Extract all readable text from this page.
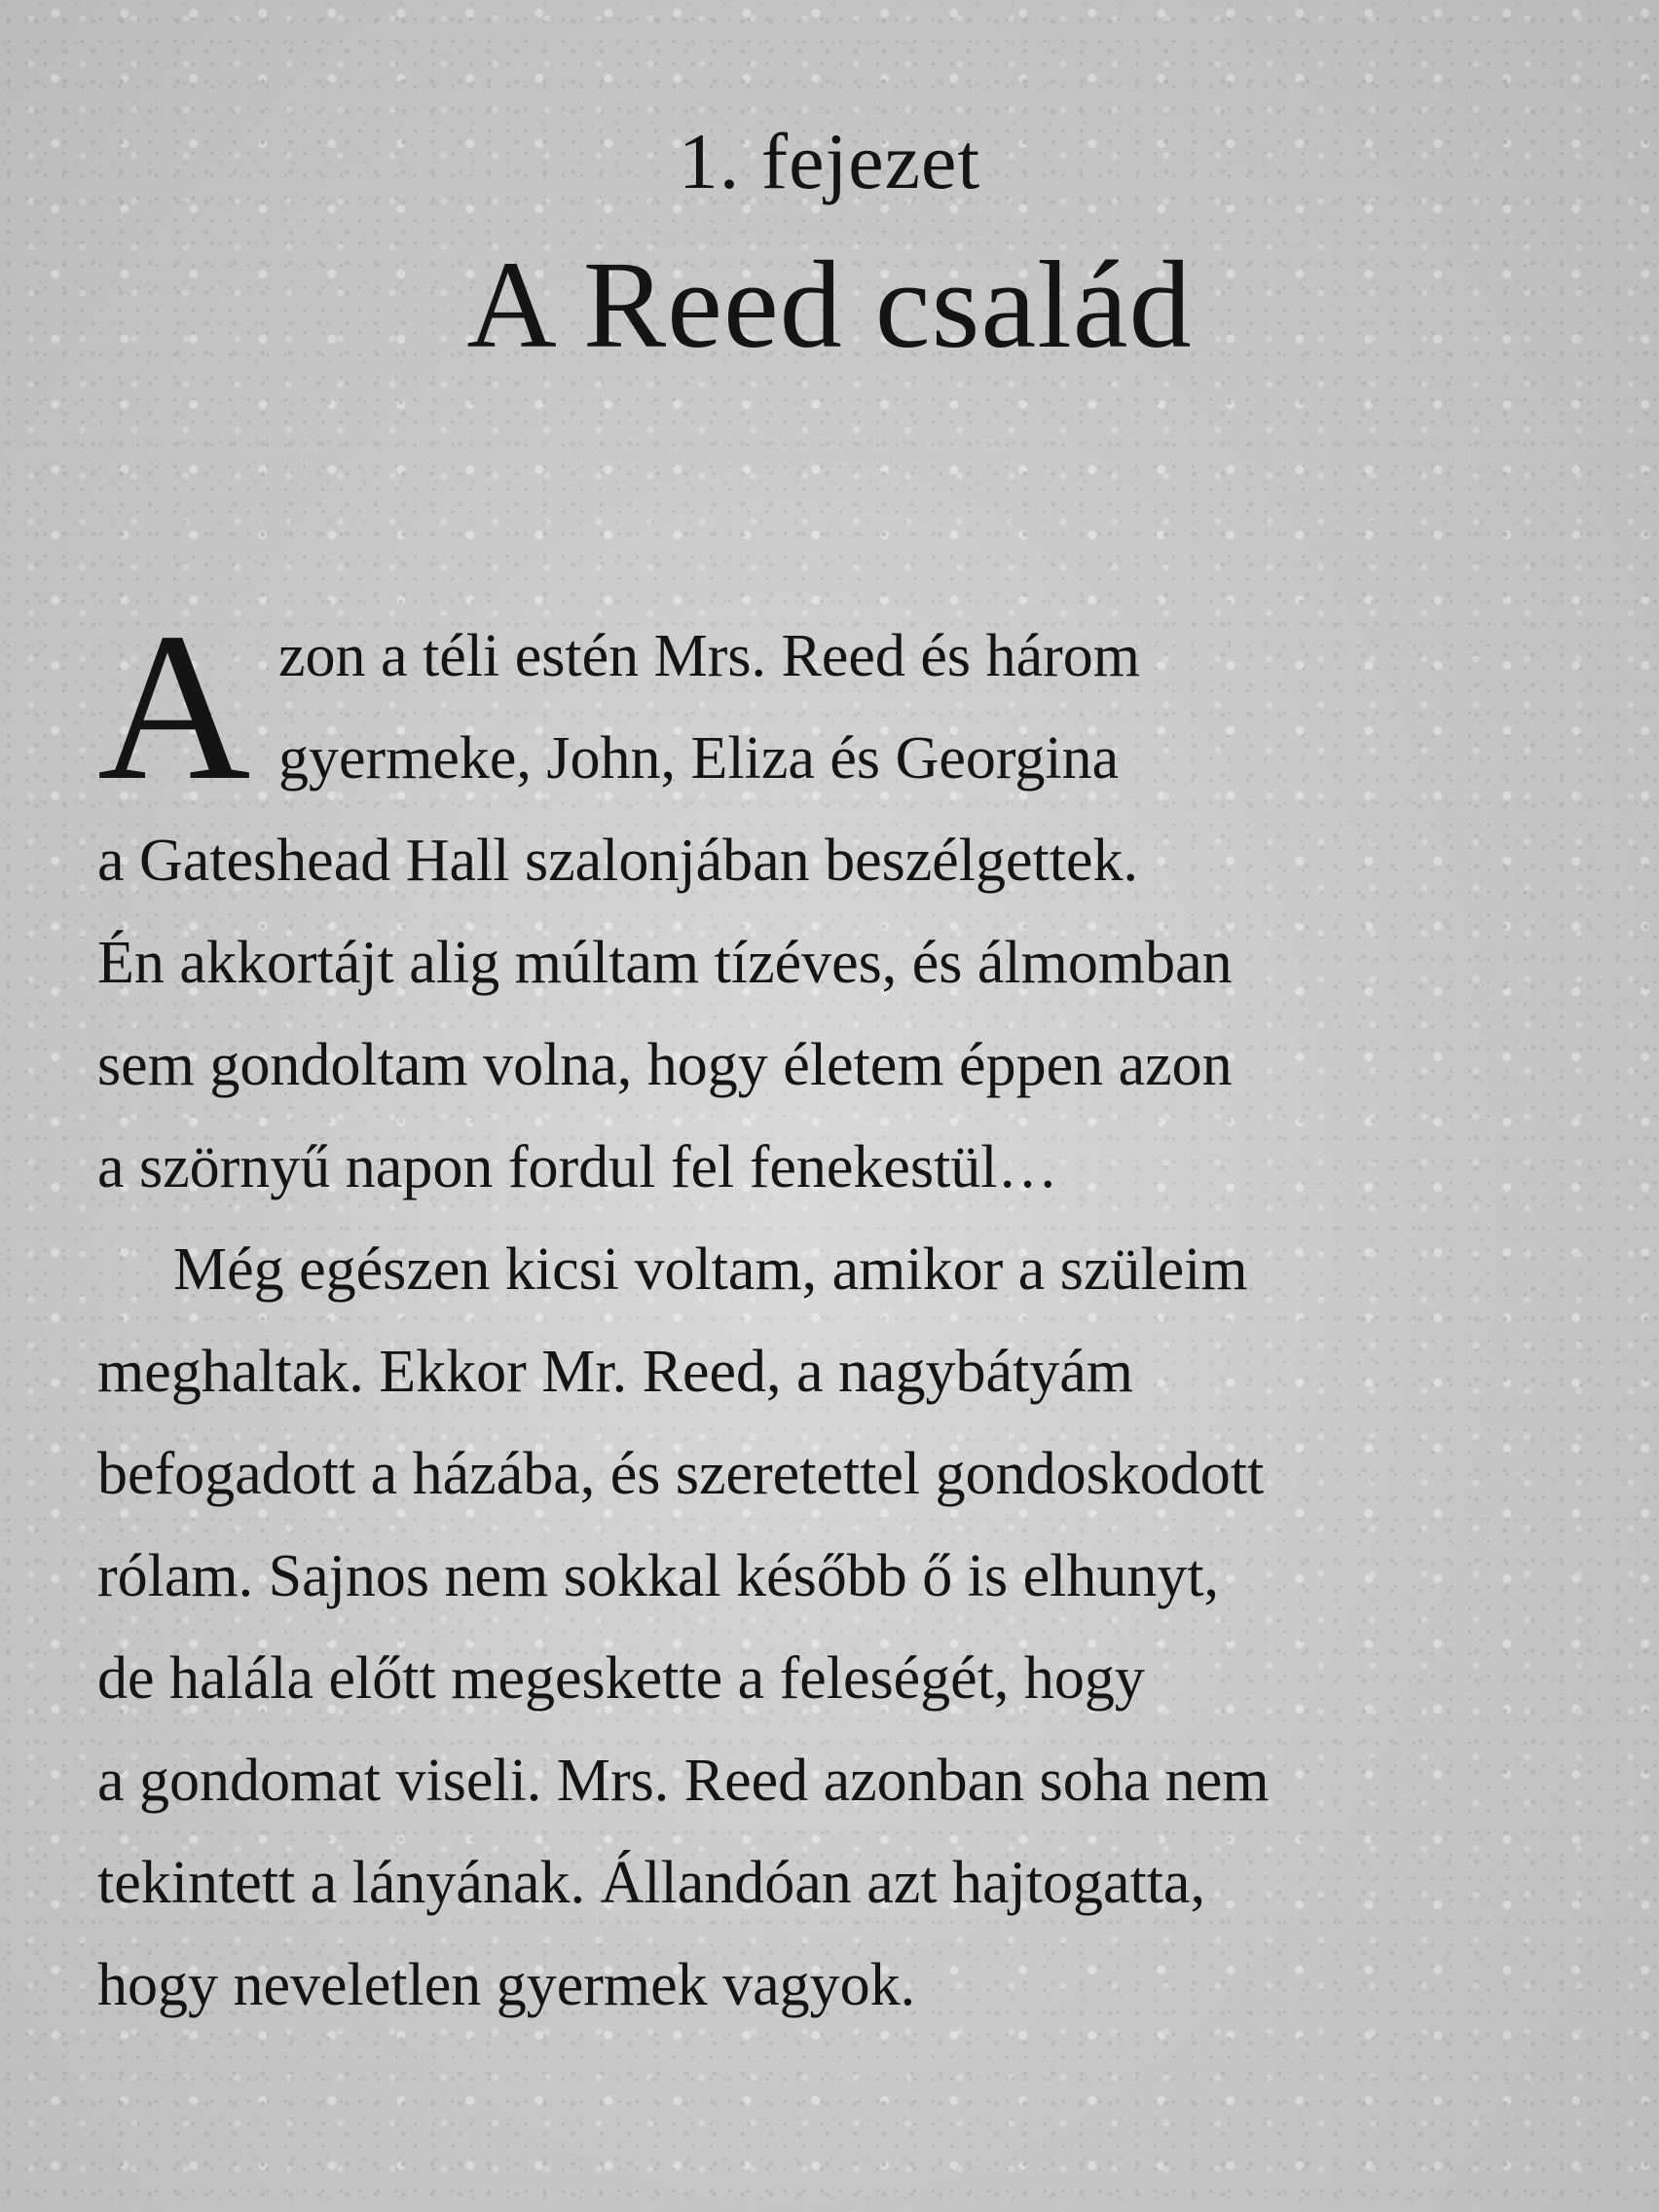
1. fejezet
A Reed család
A zon a téli estén Mrs. Reed és három
gyermeke, John, Eliza és Georgina
a Gateshead Hall szalonjában beszélgettek.
Én akkortájt alig múltam tízéves, és álmomban
sem gondoltam volna, hogy életem éppen azon
a szörnyű napon fordul fel fenekestül…
Még egészen kicsi voltam, amikor a szüleim
meghaltak. Ekkor Mr. Reed, a nagybátyám
befogadott a házába, és szeretettel gondoskodott
rólam. Sajnos nem sokkal később ő is elhunyt,
de halála előtt megeskette a feleségét, hogy
a gondomat viseli. Mrs. Reed azonban soha nem
tekintett a lányának. Állandóan azt hajtogatta,
hogy neveletlen gyermek vagyok.
